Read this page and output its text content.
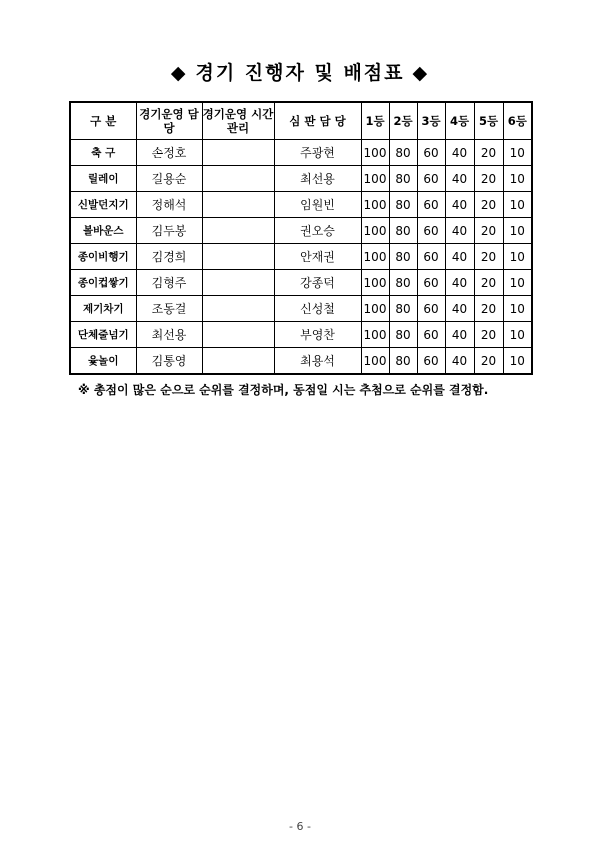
◆ 경기 진행자 및 배점표 ◆
구 분	경기운영 담당	경기운영 시간관리	심 판 담 당	1등	2등	3등	4등	5등	6등
축 구	손정호		주광현	100	80	60	40	20	10
릴레이	길용순		최선용	100	80	60	40	20	10
신발던지기	정해석		임원빈	100	80	60	40	20	10
볼바운스	김두봉		권오승	100	80	60	40	20	10
종이비행기	김경희		안재권	100	80	60	40	20	10
종이컵쌓기	김형주		강종덕	100	80	60	40	20	10
제기차기	조동걸		신성철	100	80	60	40	20	10
단체줄넘기	최선용		부영찬	100	80	60	40	20	10
윷놀이	김통영		최용석	100	80	60	40	20	10
※ 총점이 많은 순으로 순위를 결정하며, 동점일 시는 추첨으로 순위를 결정함.
- 6 -
